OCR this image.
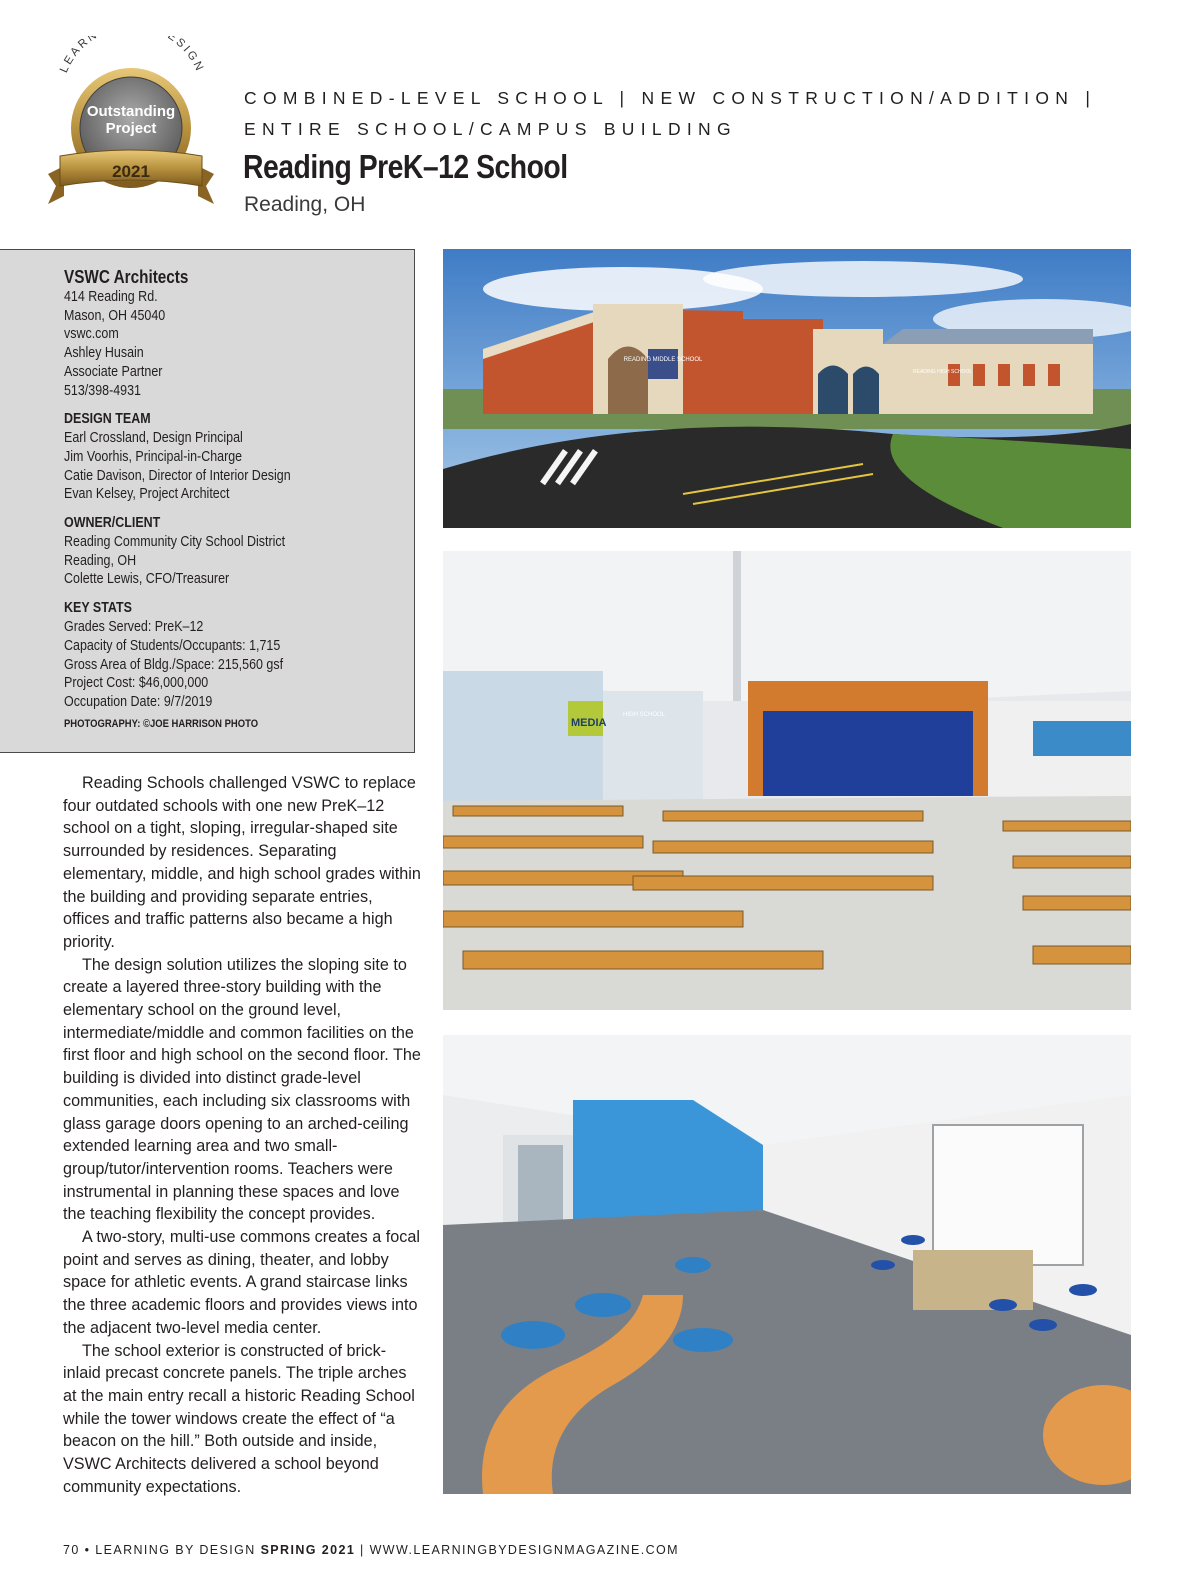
LEARN ESIGN
Outstanding
Project
2021
COMBINED-LEVEL SCHOOL | NEW CONSTRUCTION/ADDITION |
ENTIRE SCHOOL/CAMPUS BUILDING
Reading PreK–12 School
Reading, OH
VSWC Architects
414 Reading Rd.
Mason, OH 45040
vswc.com
Ashley Husain
Associate Partner
513/398-4931
DESIGN TEAM
Earl Crossland, Design Principal
Jim Voorhis, Principal-in-Charge
Catie Davison, Director of Interior Design
Evan Kelsey, Project Architect
OWNER/CLIENT
Reading Community City School District
Reading, OH
Colette Lewis, CFO/Treasurer
KEY STATS
Grades Served: PreK–12
Capacity of Students/Occupants: 1,715
Gross Area of Bldg./Space: 215,560 gsf
Project Cost: $46,000,000
Occupation Date: 9/7/2019
PHOTOGRAPHY: ©JOE HARRISON PHOTO

Reading Schools challenged VSWC to replace four outdated schools with one new PreK–12 school on a tight, sloping, irregular-shaped site surrounded by residences. Separating elementary, middle, and high school grades within the building and providing separate entries, offices and traffic patterns also became a high priority.

The design solution utilizes the sloping site to create a layered three-story building with the elementary school on the ground level, intermediate/middle and common facilities on the first floor and high school on the second floor. The building is divided into distinct grade-level communities, each including six classrooms with glass garage doors opening to an arched-ceiling extended learning area and two small-group/tutor/intervention rooms. Teachers were instrumental in planning these spaces and love the teaching flexibility the concept provides.

A two-story, multi-use commons creates a focal point and serves as dining, theater, and lobby space for athletic events. A grand staircase links the three academic floors and provides views into the adjacent two-level media center.

The school exterior is constructed of brick-inlaid precast concrete panels. The triple arches at the main entry recall a historic Reading School while the tower windows create the effect of “a beacon on the hill.” Both outside and inside, VSWC Architects delivered a school beyond community expectations.

READING MIDDLE SCHOOL
READING HIGH SCHOOL
MEDIA
HIGH SCHOOL
70 • LEARNING BY DESIGN SPRING 2021 | WWW.LEARNINGBYDESIGNMAGAZINE.COM
